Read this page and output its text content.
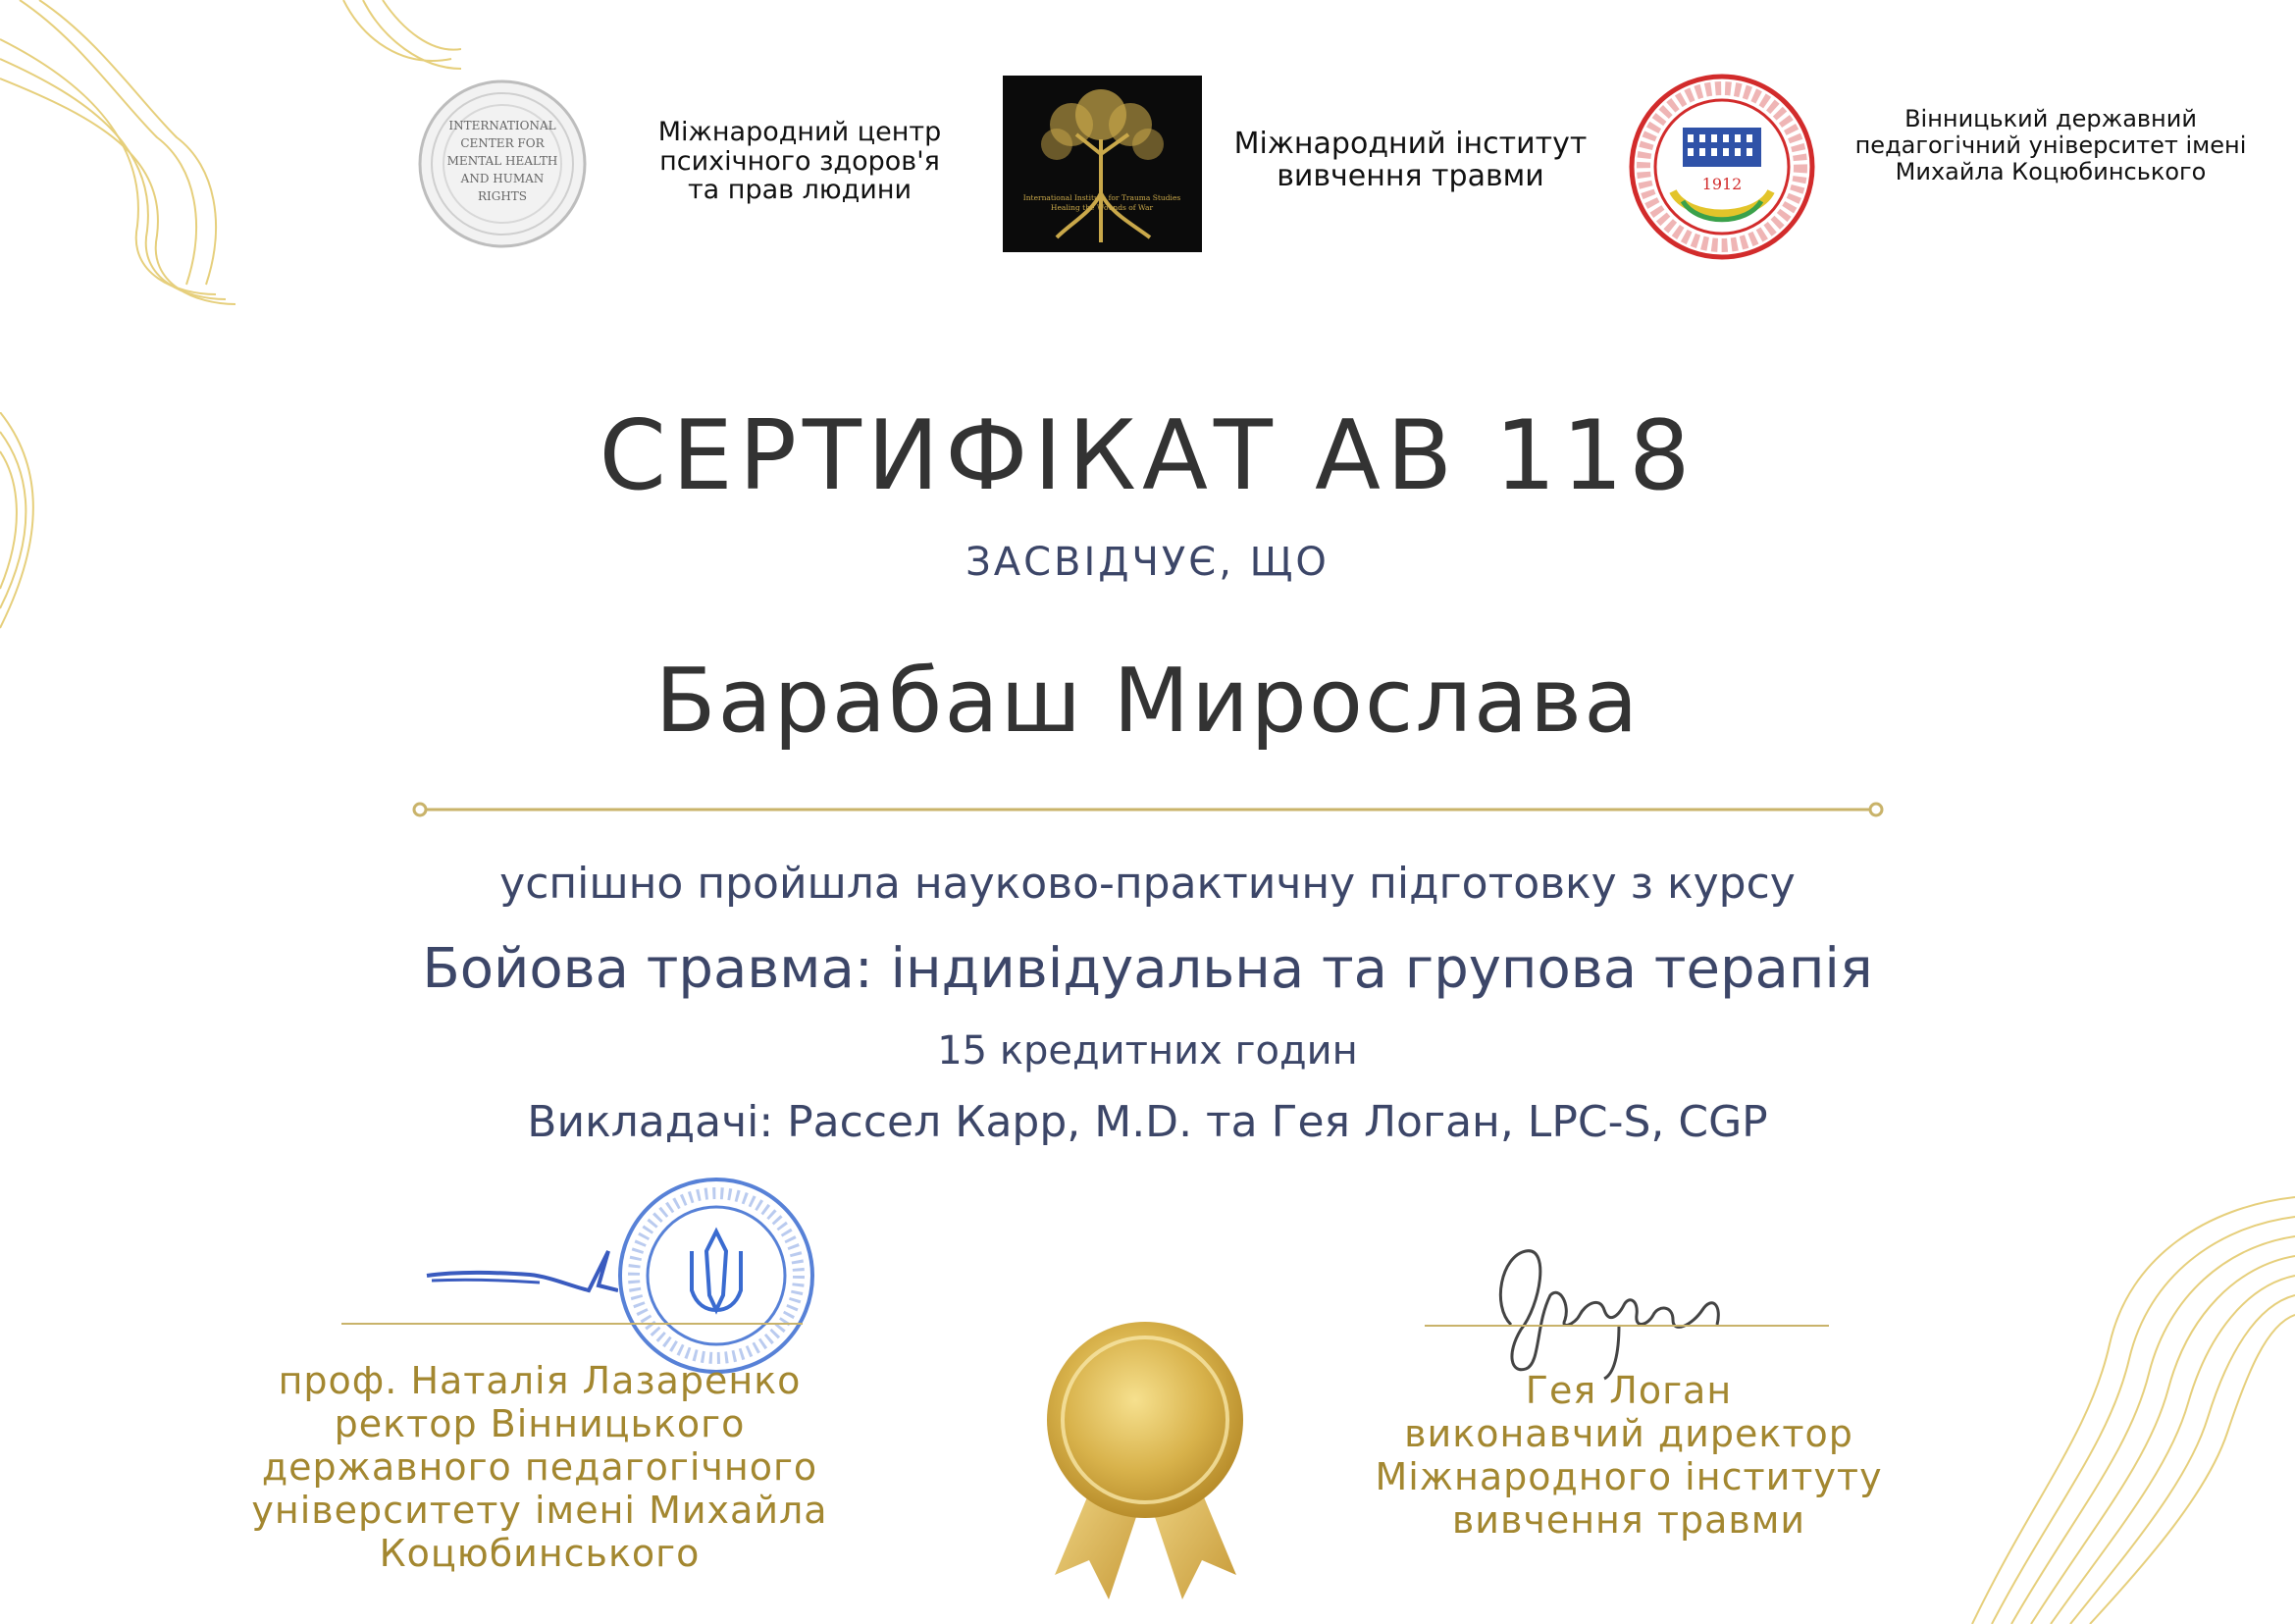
INTERNATIONAL
CENTER FOR
MENTAL HEALTH
AND HUMAN
RIGHTS
Міжнародний центр
психічного здоров'я
та прав людини	International Institute for Trauma Studies
Healing the Wounds of War
Міжнародний інститут
вивчення травми	1912
Вінницький державний
педагогічний університет імені
Михайла Коцюбинського
СЕРТИФІКАТ АВ 118
ЗАСВІДЧУЄ, ЩО
Барабаш Мирослава
успішно пройшла науково-практичну підготовку з курсу
Бойова травма: індивідуальна та групова терапія
15 кредитних годин
Викладачі: Рассел Карр, M.D. та Гея Логан, LPC-S, CGP
проф. Наталія Лазаренко
ректор Вінницького
державного педагогічного
університету імені Михайла
Коцюбинського
Гея Логан
виконавчий директор
Міжнародного інституту
вивчення травми
